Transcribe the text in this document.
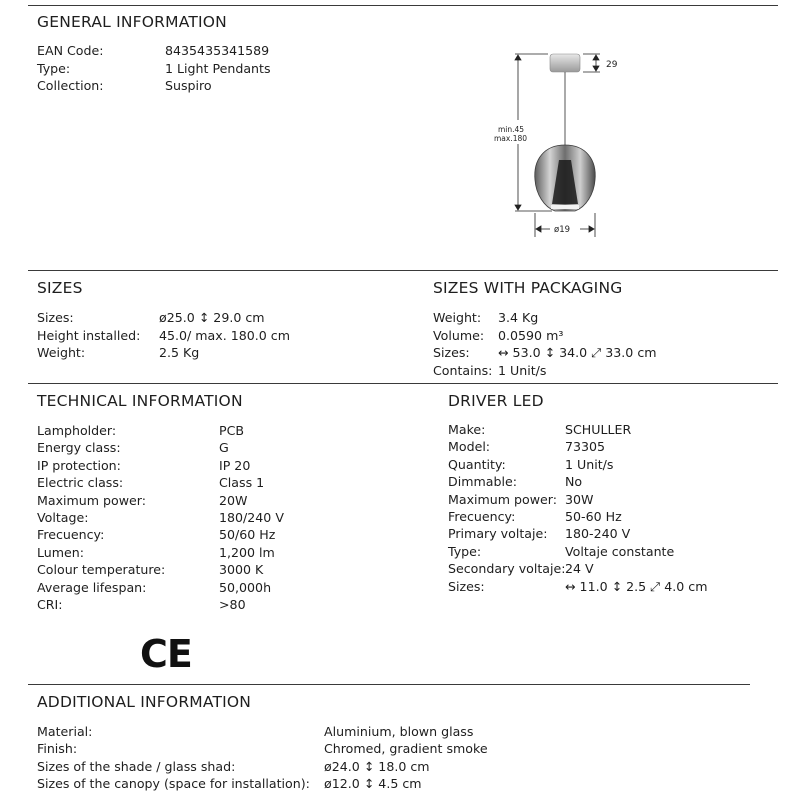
GENERAL INFORMATION
EAN Code:	8435435341589
Type:	1 Light Pendants
Collection:	Suspiro
29
min.45
max.180
ø19
SIZES
Sizes:	ø25.0 ↕ 29.0 cm
Height installed: 45.0/ max. 180.0 cm
Weight:	2.5 Kg
SIZES WITH PACKAGING
Weight: 3.4 Kg
Volume: 0.0590 m³
Sizes: ↔ 53.0 ↕ 34.0 ⤢ 33.0 cm
Contains: 1 Unit/s
TECHNICAL INFORMATION
Lampholder:	PCB
Energy class:	G
IP protection:	IP 20
Electric class:	Class 1
Maximum power:	20W
Voltage:	180/240 V
Frecuency:	50/60 Hz
Lumen:	1,200 lm
Colour temperature:	3000 K
Average lifespan:	50,000h
CRI:	>80
CE
DRIVER LED
Make:	SCHULLER
Model:	73305
Quantity:	1 Unit/s
Dimmable:	No
Maximum power: 30W
Frecuency:	50-60 Hz
Primary voltaje: 180-240 V
Type:	Voltaje constante
Secondary voltaje: 24 V
Sizes:	↔ 11.0 ↕ 2.5 ⤢ 4.0 cm
ADDITIONAL INFORMATION
Material:	Aluminium, blown glass
Finish:	Chromed, gradient smoke
Sizes of the shade / glass shad:	ø24.0 ↕ 18.0 cm
Sizes of the canopy (space for installation): ø12.0 ↕ 4.5 cm
